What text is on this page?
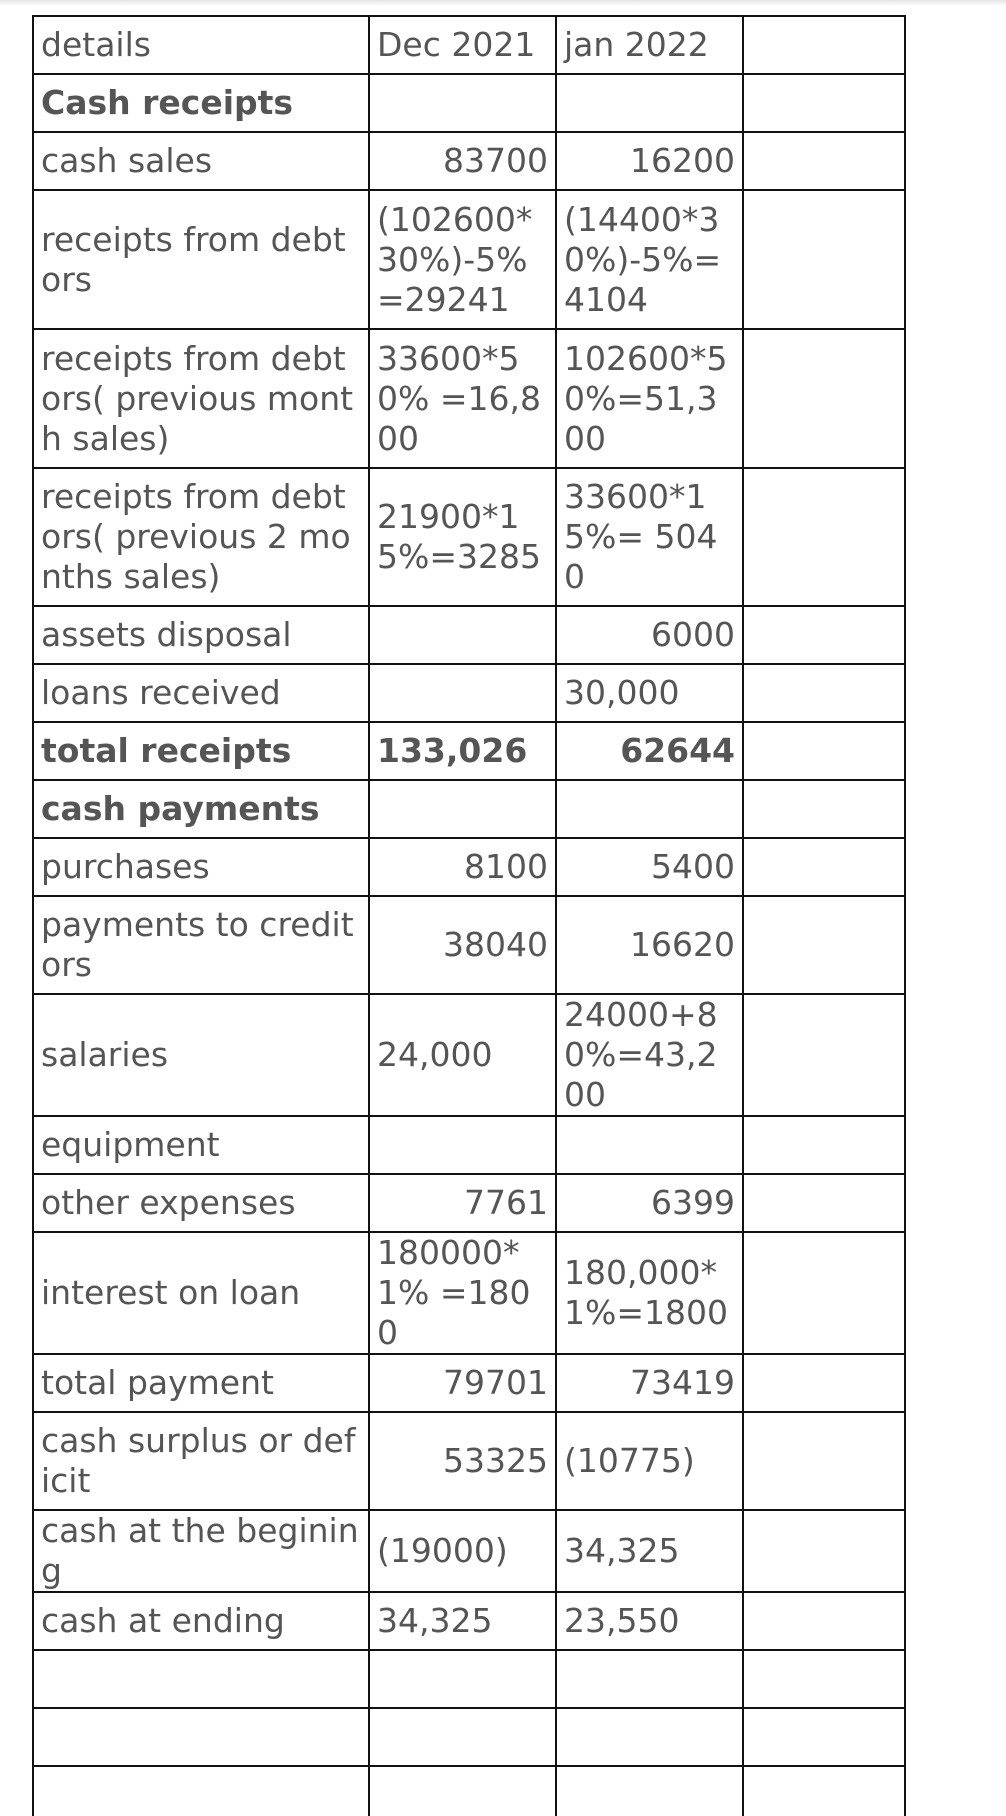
details	Dec 2021	jan 2022	
Cash receipts			
cash sales	83700	16200	
receipts from debtors	(102600*30%)-5% =29241	(14400*30%)-5%=4104	
receipts from debtors( previous month sales)	33600*50% =16,800	102600*50%=51,300	
receipts from debtors( previous 2 months sales)	21900*15%=3285	33600*15%= 5040	
assets disposal		6000	
loans received		30,000	
total receipts	133,026	62644	
cash payments			
purchases	8100	5400	
payments to creditors	38040	16620	
salaries	24,000	24000+80%=43,200	
equipment			
other expenses	7761	6399	
interest on loan	180000* 1% =1800	180,000* 1%=1800	
total payment	79701	73419	
cash surplus or deficit	53325	(10775)	
cash at the begining	(19000)	34,325	
cash at ending	34,325	23,550	
